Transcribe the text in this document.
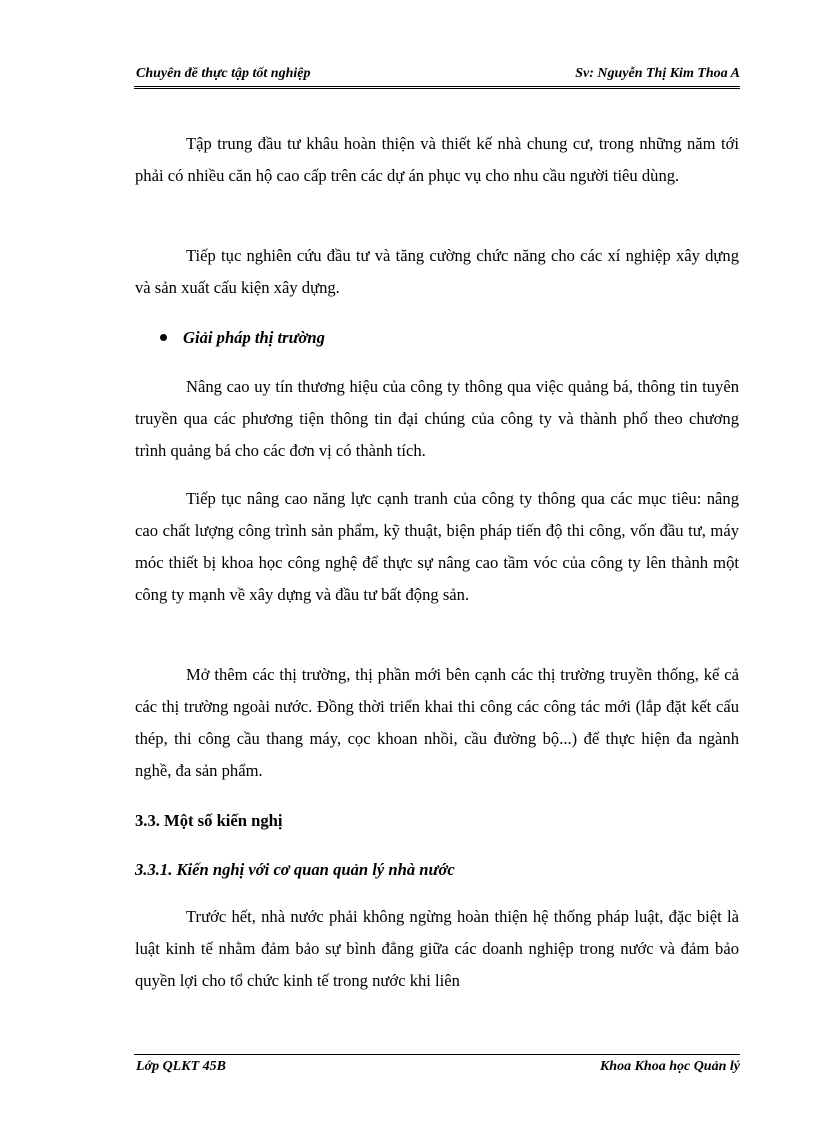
Chuyên đề thực tập tốt nghiệp	Sv: Nguyễn Thị Kim Thoa A

Tập trung đầu tư khâu hoàn thiện và thiết kế nhà chung cư, trong những năm tới phải có nhiều căn hộ cao cấp trên các dự án phục vụ cho nhu cầu người tiêu dùng.

Tiếp tục nghiên cứu đầu tư và tăng cường chức năng cho các xí nghiệp xây dựng và sản xuất cấu kiện xây dựng.

Giải pháp thị trường

Nâng cao uy tín thương hiệu của công ty thông qua việc quảng bá, thông tin tuyên truyền qua các phương tiện thông tin đại chúng của công ty và thành phố theo chương trình quảng bá cho các đơn vị có thành tích.

Tiếp tục nâng cao năng lực cạnh tranh của công ty thông qua các mục tiêu: nâng cao chất lượng công trình sản phẩm, kỹ thuật, biện pháp tiến độ thi công, vốn đầu tư, máy móc thiết bị khoa học công nghệ để thực sự nâng cao tầm vóc của công ty lên thành một công ty mạnh về xây dựng và đầu tư bất động sản.

Mở thêm các thị trường, thị phần mới bên cạnh các thị trường truyền thống, kể cả các thị trường ngoài nước. Đồng thời triển khai thi công các công tác mới (lắp đặt kết cấu thép, thi công cầu thang máy, cọc khoan nhồi, cầu đường bộ...) để thực hiện đa ngành nghề, đa sản phẩm.

3.3. Một số kiến nghị
3.3.1. Kiến nghị với cơ quan quản lý nhà nước

Trước hết, nhà nước phải không ngừng hoàn thiện hệ thống pháp luật, đặc biệt là luật kinh tế nhằm đảm bảo sự bình đẳng giữa các doanh nghiệp trong nước và đảm bảo quyền lợi cho tổ chức kinh tế trong nước khi liên

Lớp QLKT 45B	Khoa Khoa học Quản lý
